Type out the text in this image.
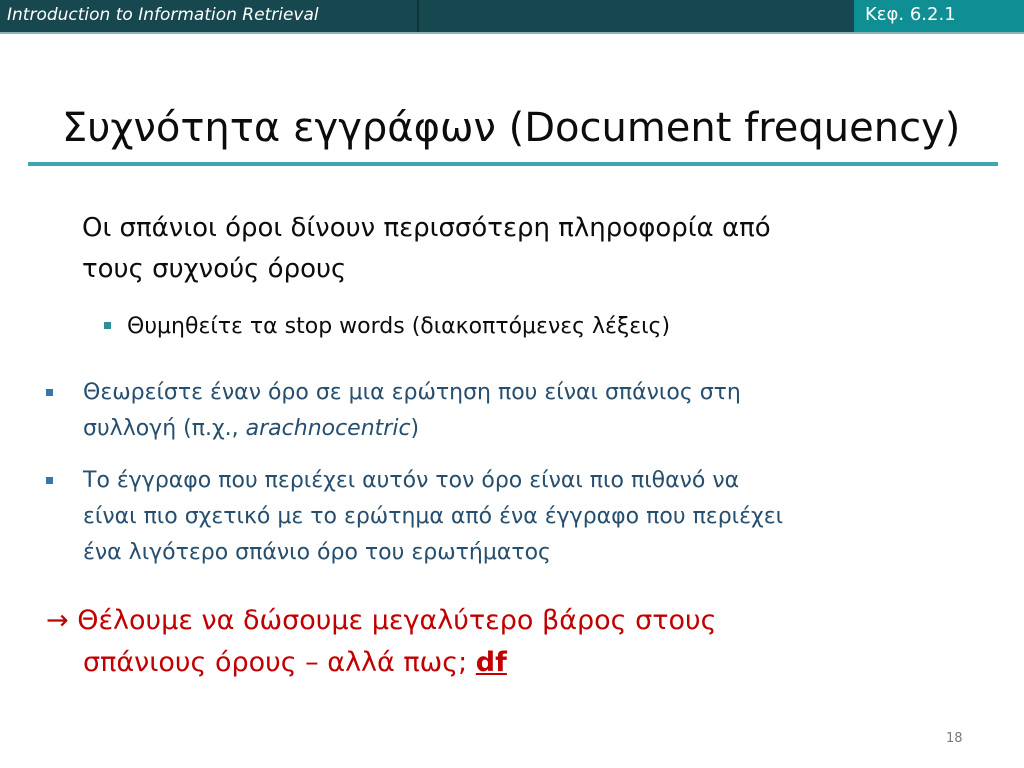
Introduction to Information Retrieval	Κεφ. 6.2.1
Συχνότητα εγγράφων (Document frequency)
Οι σπάνιοι όροι δίνουν περισσότερη πληροφορία από
τους συχνούς όρους
Θυμηθείτε τα stop words (διακοπτόμενες λέξεις)
Θεωρείστε έναν όρο σε μια ερώτηση που είναι σπάνιος στη
συλλογή (π.χ., arachnocentric)
Το έγγραφο που περιέχει αυτόν τον όρο είναι πιο πιθανό να
είναι πιο σχετικό με το ερώτημα από ένα έγγραφο που περιέχει
ένα λιγότερο σπάνιο όρο του ερωτήματος
→ Θέλουμε να δώσουμε μεγαλύτερο βάρος στους
σπάνιους όρους – αλλά πως; df
18
